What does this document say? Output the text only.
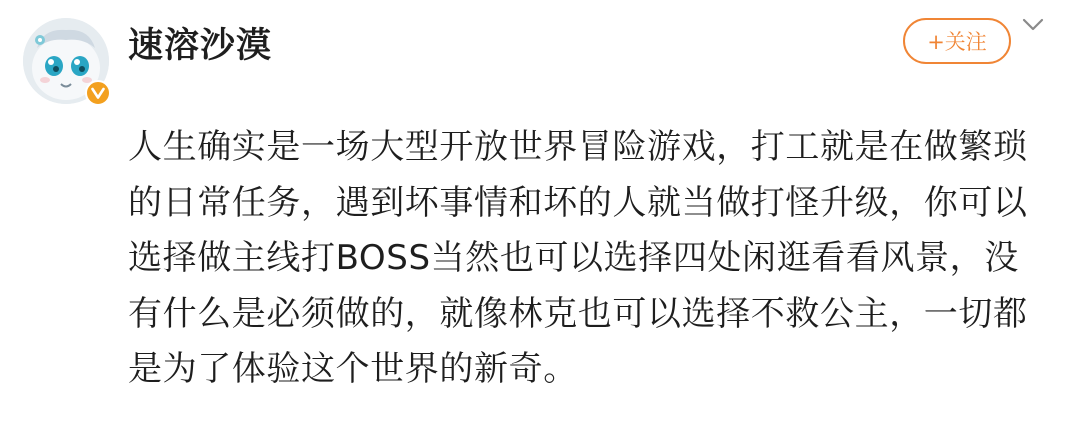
速溶沙漠	+关注
人生确实是一场大型开放世界冒险游戏，打工就是在做繁琐的日常任务，遇到坏事情和坏的人就当做打怪升级，你可以选择做主线打BOSS当然也可以选择四处闲逛看看风景，没有什么是必须做的，就像林克也可以选择不救公主，一切都是为了体验这个世界的新奇。
